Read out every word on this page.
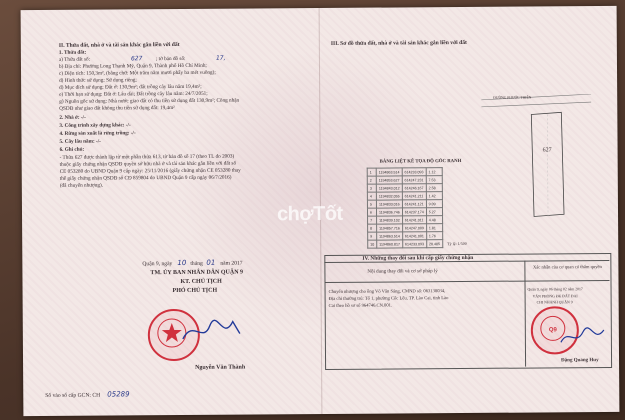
II. Thửa đất, nhà ở và tài sản khác gắn liền với đất
1. Thửa đất:
a) Thửa đất số:	627	; tờ bản đồ số:	17,
b) Địa chỉ: Phường Long Thạnh Mỹ, Quận 9, Thành phố Hồ Chí Minh;
c) Diện tích: 150,3m², (bằng chữ: Một trăm năm mươi phẩy ba mét vuông);
d) Hình thức sử dụng: Sử dụng riêng;
đ) Mục đích sử dụng: Đất ở: 130,9m²; đất trồng cây lâu năm 19,4m²;
e) Thời hạn sử dụng: Đất ở: Lâu dài; Đất trồng cây lâu năm: 24/7/2051;
g) Nguồn gốc sử dụng: Nhà nước giao đất có thu tiền sử dụng đất 130,9m²; Công nhận
QSDĐ như giao đất không thu tiền sử dụng đất: 19,4m²
2. Nhà ở: -/-
3. Công trình xây dựng khác: -/-
4. Rừng sản xuất là rừng trồng: -/-
5. Cây lâu năm: -/-
6. Ghi chú:
- Thửa 627 được thành lập từ một phần thửa 613, tờ bản đồ số 17 (theo TL đo 2003)
thuộc giấy chứng nhận QSDĐ quyền sở hữu nhà ở và tài sản khác gắn liền với đất số
CE 053280 do UBND Quận 9 cấp ngày: 25/11/2016 (giấy chứng nhận CE 053280 thay
thế giấy chứng nhận QSDĐ số CĐ 859804 do UBND Quận 9 cấp ngày 06/7/2016)
(đã chuyển nhượng).
Quận 9, ngày 10 tháng 01 năm 2017
TM. ỦY BAN NHÂN DÂN QUẬN 9
KT. CHỦ TỊCH
PHÓ CHỦ TỊCH
Nguyễn Văn Thành
Số vào sổ cấp GCN: CH 05289
III. Sơ đồ thửa đất, nhà ở và tài sản khác gắn liền với đất
ĐƯỜNG PHƯỚC THIỆN
627
BẢNG LIỆT KÊ TỌA ĐỘ GÓC RANH
1	1194863.514	614233.093	1.12
2	1194853.627	614247.231	7.53
3	1194843.012	614246.167	2.58
4	1194832.055	614241.211	1.42
5	1194833.016	614241.121	9.09
6	1194836.746	614237.174	5.27
7	1194839.102	614241.011	4.48
8	1194857.716	614247.009	1.81
9	1194863.514	614241.001	1.76
10	1194860.817	614233.093	20.485 Tỷ lệ: 1/500
IV. Những thay đổi sau khi cấp giấy chứng nhận
Nội dung thay đổi và cơ sở pháp lý
Xác nhận của cơ quan có thẩm quyền
Chuyển nhượng cho ông Võ Văn Sáng, CMND số: 063130034,
Địa chỉ thường trú: Tổ 1, phường Cốc Lếu, TP. Lào Cai, tỉnh Lào
Cai theo hồ sơ số 964746.CN.001.
Quận 9, ngày 06 tháng 02 năm 2017
VĂN PHÒNG ĐK ĐẤT ĐAI
CHI NHÁNH QUẬN 9
Q9
Đặng Quang Huy
chợTốt
